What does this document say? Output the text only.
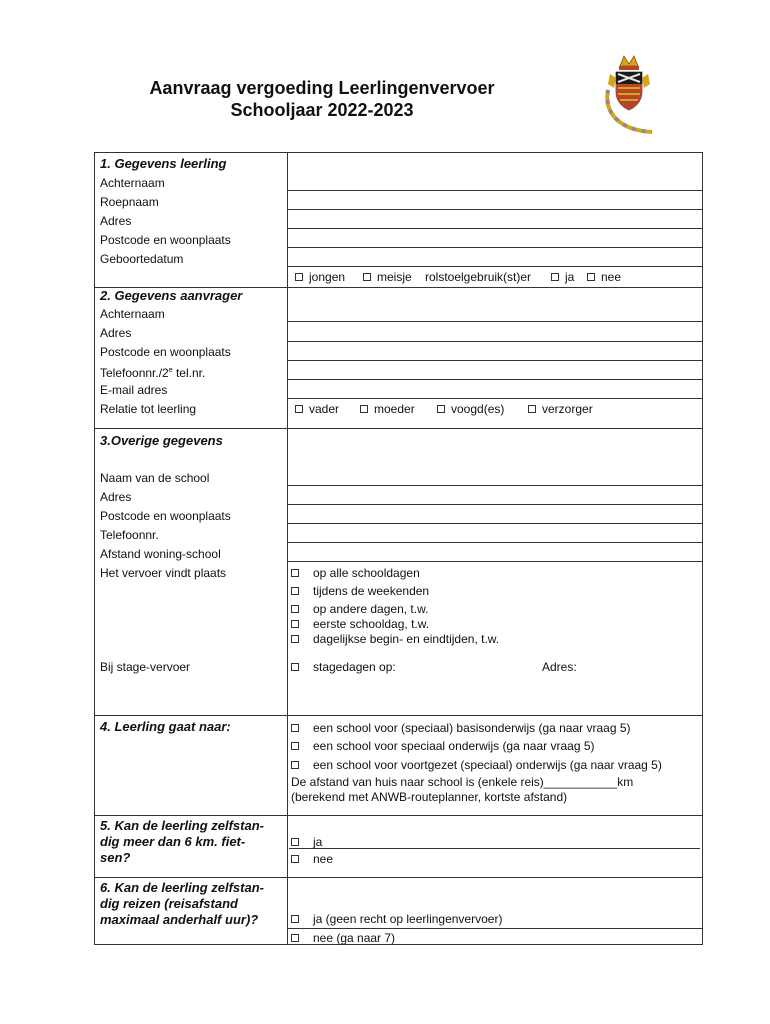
Aanvraag vergoeding Leerlingenvervoer
Schooljaar 2022-2023
1. Gegevens leerling
Achternaam
Roepnaam
Adres
Postcode en woonplaats
Geboortedatum
jongen	meisje rolstoelgebruik(st)er	ja nee
2. Gegevens aanvrager
Achternaam
Adres
Postcode en woonplaats
Telefoonnr./2e tel.nr.
E-mail adres
Relatie tot leerling	vader	moeder	voogd(es)	verzorger
3.Overige gegevens
Naam van de school
Adres
Postcode en woonplaats
Telefoonnr.
Afstand woning-school
Het vervoer vindt plaats	op alle schooldagen
tijdens de weekenden
op andere dagen, t.w.
eerste schooldag, t.w.
dagelijkse begin- en eindtijden, t.w.
Bij stage-vervoer	stagedagen op:	Adres:
4. Leerling gaat naar:	een school voor (speciaal) basisonderwijs (ga naar vraag 5)
een school voor speciaal onderwijs (ga naar vraag 5)
een school voor voortgezet (speciaal) onderwijs (ga naar vraag 5)
De afstand van huis naar school is (enkele reis)___________km
(berekend met ANWB-routeplanner, kortste afstand)
5. Kan de leerling zelfstan-
dig meer dan 6 km. fiet-
sen?
ja
nee
6. Kan de leerling zelfstan-
dig reizen (reisafstand
maximaal anderhalf uur)?	ja (geen recht op leerlingenvervoer)
nee (ga naar 7)
